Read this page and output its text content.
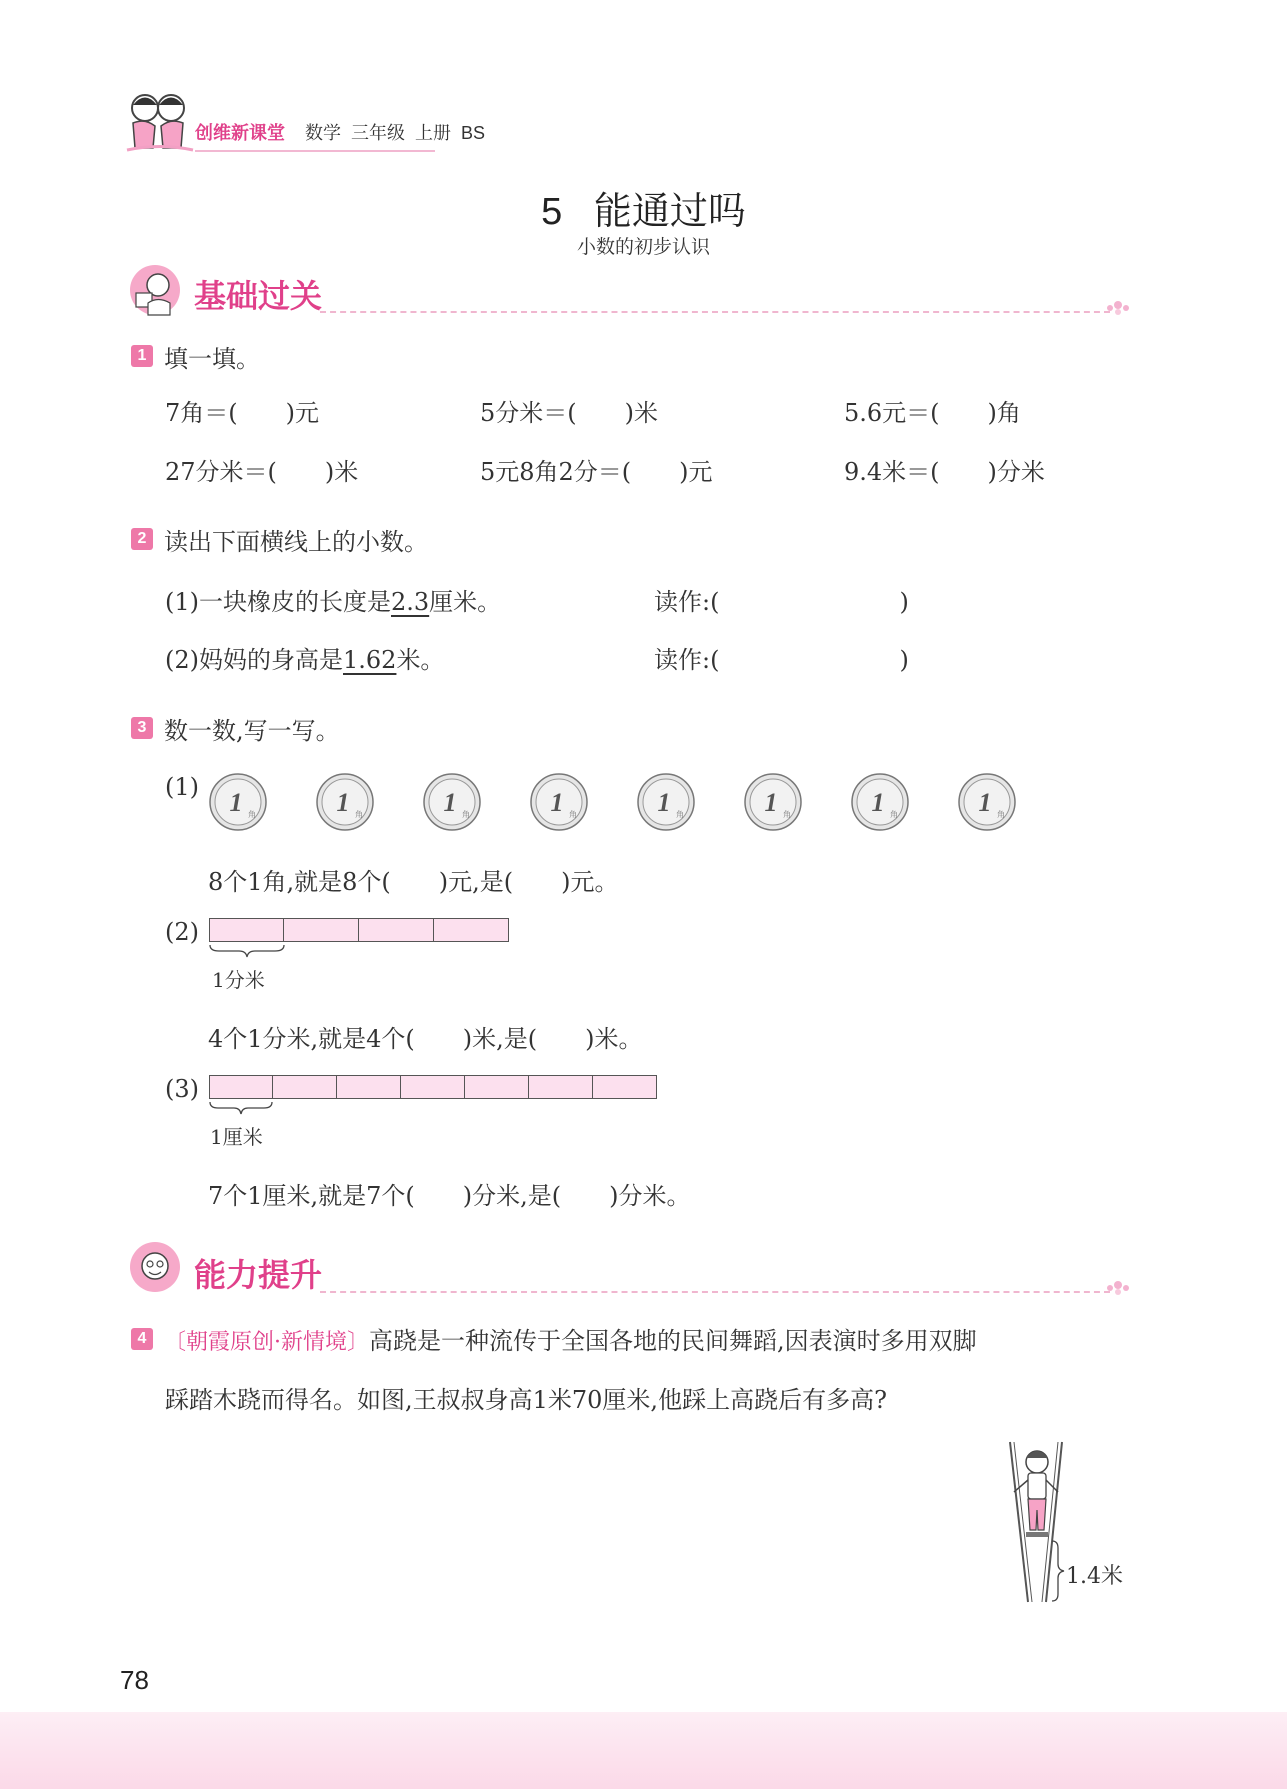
创维新课堂 数学  三年级  上册  BS
5   能通过吗
小数的初步认识
基础过关
1 填一填。
7角＝(　　)元	5分米＝(　　)米	5.6元＝(　　)角
27分米＝(　　)米	5元8角2分＝(　　)元	9.4米＝(　　)分米
2 读出下面横线上的小数。
(1)一块橡皮的长度是2.3厘米。	读作:(	)
(2)妈妈的身高是1.62米。	读作:(	)
3 数一数,写一写。
(1)
1 角	1 角	1 角	1 角	1 角	1 角	1 角	1 角
8个1角,就是8个(　　)元,是(　　)元。
(2)
1分米
4个1分米,就是4个(　　)米,是(　　)米。
(3)
1厘米
7个1厘米,就是7个(　　)分米,是(　　)分米。
能力提升
4 〔朝霞原创·新情境〕高跷是一种流传于全国各地的民间舞蹈,因表演时多用双脚
踩踏木跷而得名。如图,王叔叔身高1米70厘米,他踩上高跷后有多高?
1.4米
78
